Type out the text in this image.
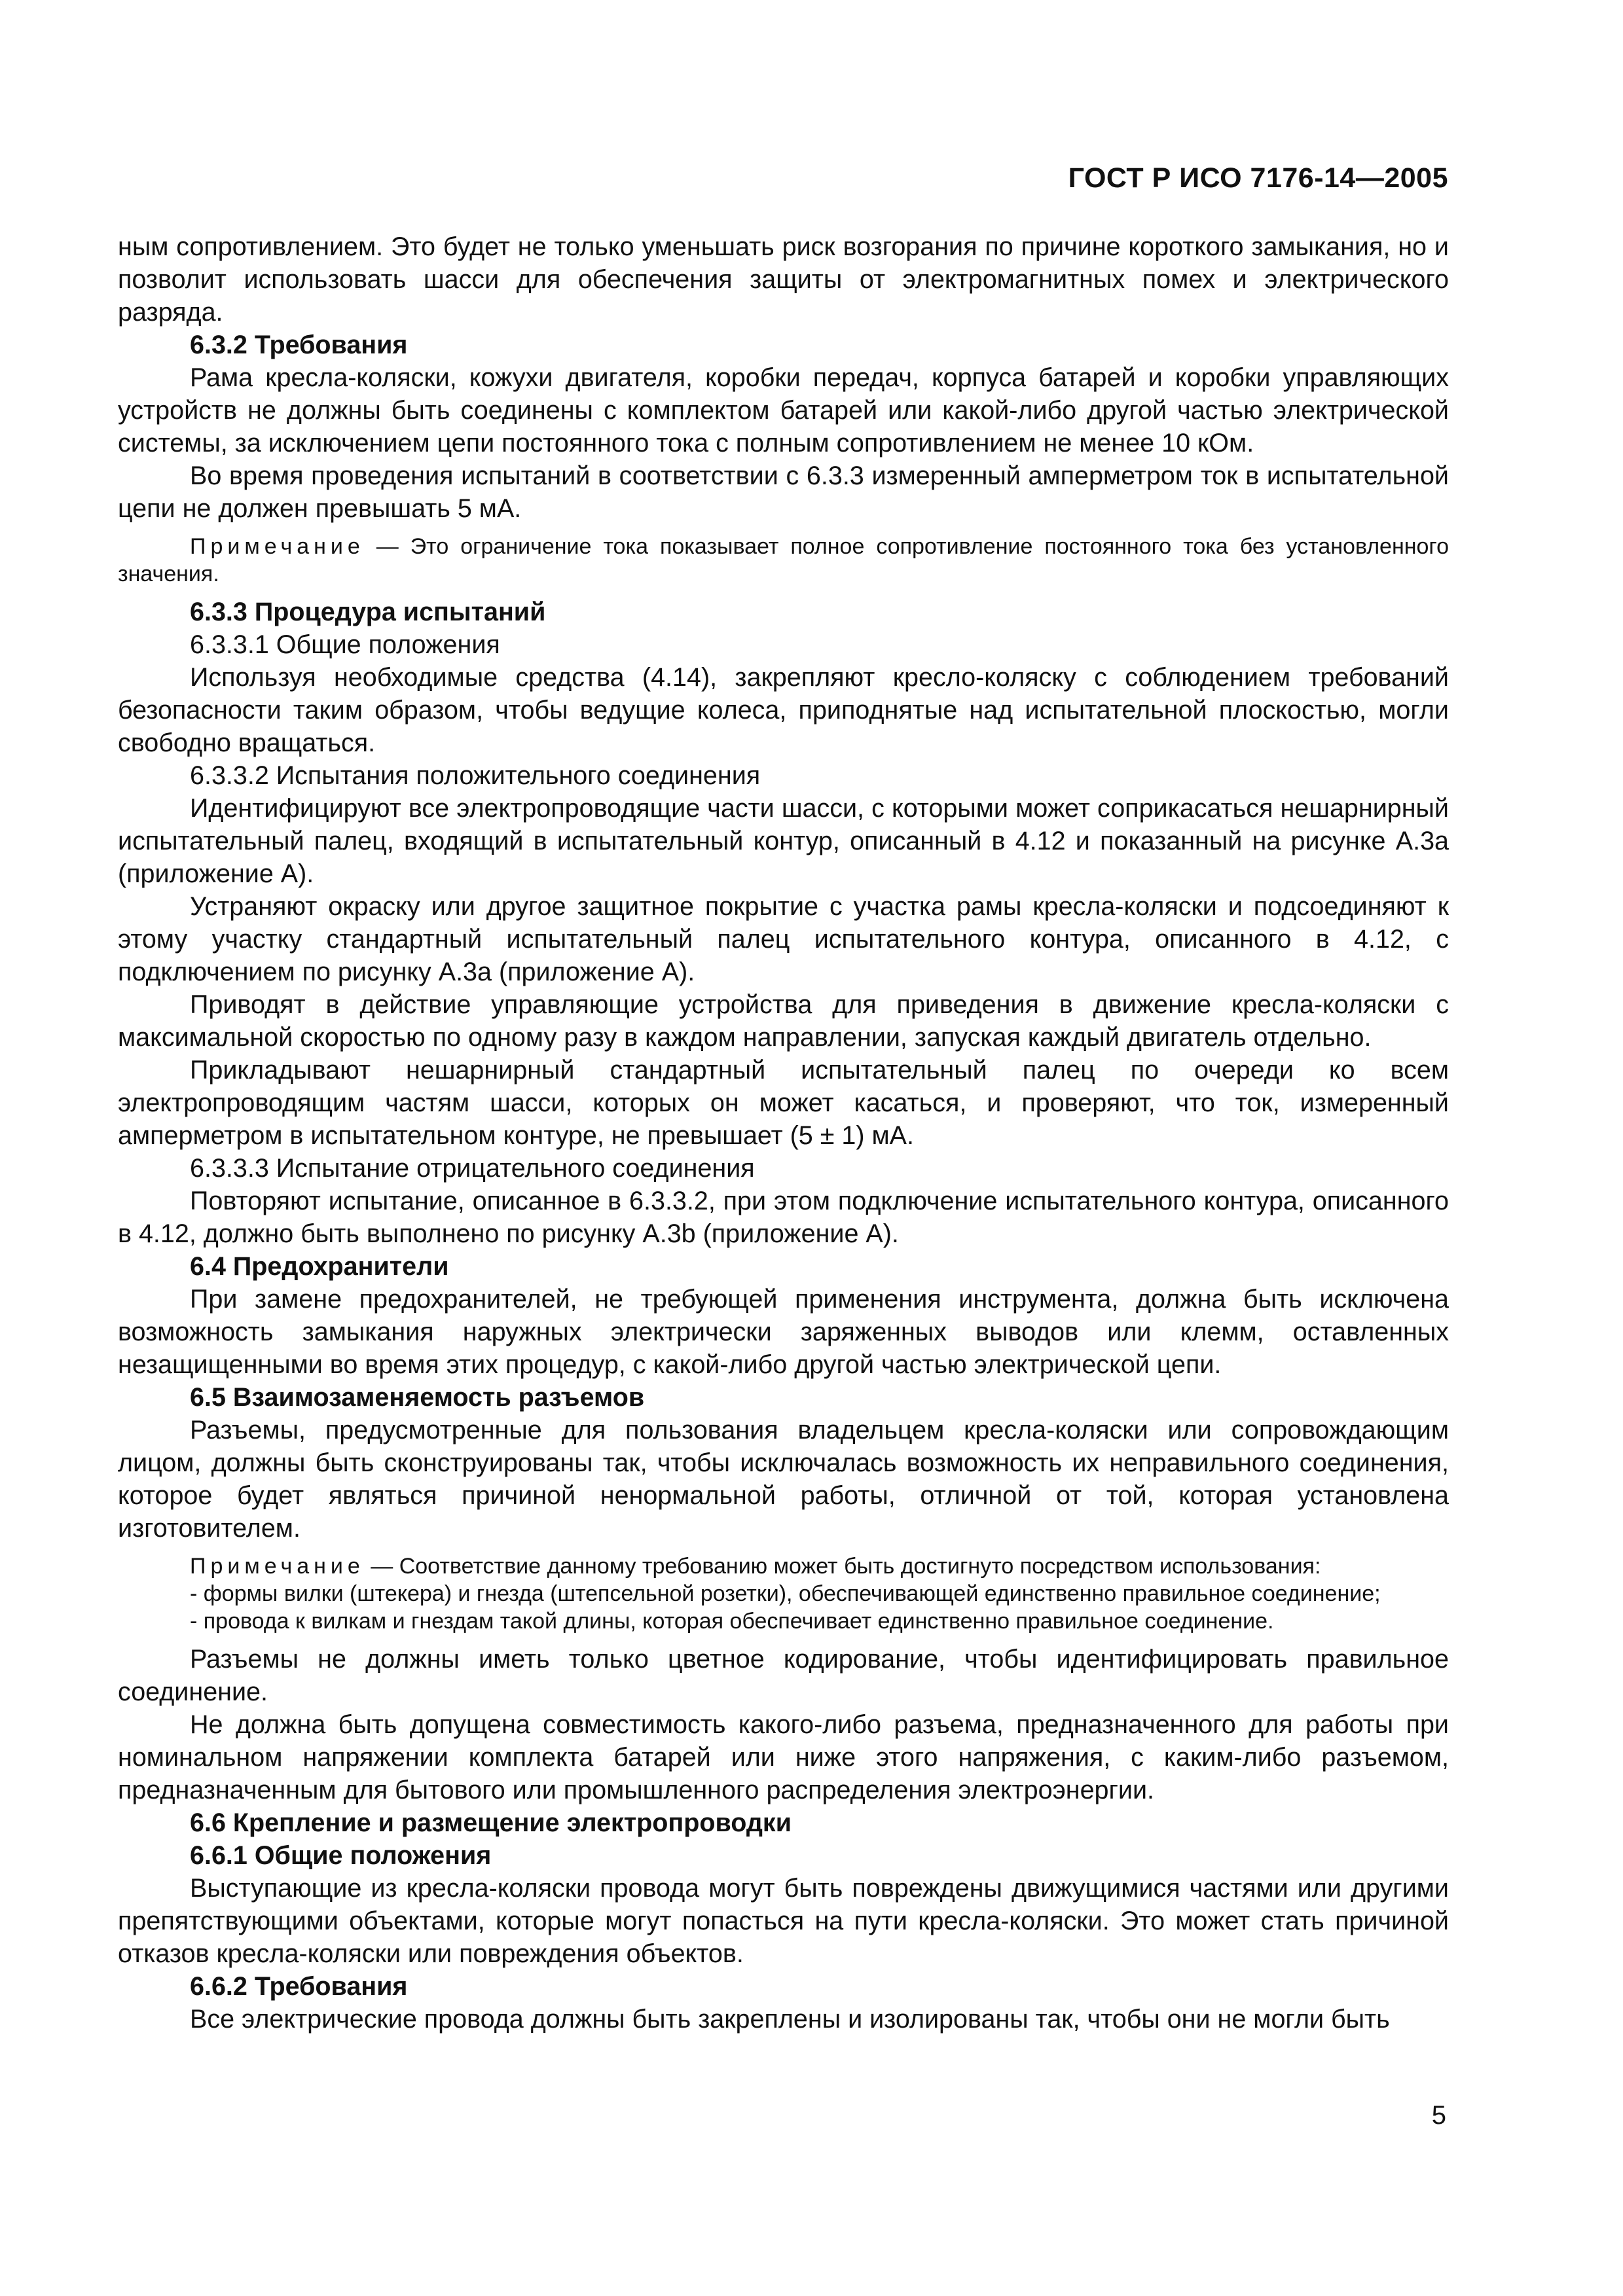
ГОСТ Р ИСО 7176-14—2005

ным сопротивлением. Это будет не только уменьшать риск возгорания по причине короткого замыкания, но и позволит использовать шасси для обеспечения защиты от электромагнитных помех и электрического разряда.

6.3.2 Требования

Рама кресла-коляски, кожухи двигателя, коробки передач, корпуса батарей и коробки управляющих устройств не должны быть соединены с комплектом батарей или какой-либо другой частью электрической системы, за исключением цепи постоянного тока с полным сопротивлением не менее 10 кОм.

Во время проведения испытаний в соответствии с 6.3.3 измеренный амперметром ток в испытательной цепи не должен превышать 5 мА.

Примечание — Это ограничение тока показывает полное сопротивление постоянного тока без установленного значения.

6.3.3 Процедура испытаний
6.3.3.1 Общие положения

Используя необходимые средства (4.14), закрепляют кресло-коляску с соблюдением требований безопасности таким образом, чтобы ведущие колеса, приподнятые над испытательной плоскостью, могли свободно вращаться.

6.3.3.2 Испытания положительного соединения

Идентифицируют все электропроводящие части шасси, с которыми может соприкасаться нешарнирный испытательный палец, входящий в испытательный контур, описанный в 4.12 и показанный на рисунке А.3а (приложение А).

Устраняют окраску или другое защитное покрытие с участка рамы кресла-коляски и подсоединяют к этому участку стандартный испытательный палец испытательного контура, описанного в 4.12, с подключением по рисунку А.3а (приложение А).

Приводят в действие управляющие устройства для приведения в движение кресла-коляски с максимальной скоростью по одному разу в каждом направлении, запуская каждый двигатель отдельно.

Прикладывают нешарнирный стандартный испытательный палец по очереди ко всем электропроводящим частям шасси, которых он может касаться, и проверяют, что ток, измеренный амперметром в испытательном контуре, не превышает (5 ± 1) мА.

6.3.3.3 Испытание отрицательного соединения

Повторяют испытание, описанное в 6.3.3.2, при этом подключение испытательного контура, описанного в 4.12, должно быть выполнено по рисунку А.3b (приложение А).

6.4 Предохранители

При замене предохранителей, не требующей применения инструмента, должна быть исключена возможность замыкания наружных электрически заряженных выводов или клемм, оставленных незащищенными во время этих процедур, с какой-либо другой частью электрической цепи.

6.5 Взаимозаменяемость разъемов

Разъемы, предусмотренные для пользования владельцем кресла-коляски или сопровождающим лицом, должны быть сконструированы так, чтобы исключалась возможность их неправильного соединения, которое будет являться причиной ненормальной работы, отличной от той, которая установлена изготовителем.

Примечание — Соответствие данному требованию может быть достигнуто посредством использования:

- формы вилки (штекера) и гнезда (штепсельной розетки), обеспечивающей единственно правильное соединение;

- провода к вилкам и гнездам такой длины, которая обеспечивает единственно правильное соединение.

Разъемы не должны иметь только цветное кодирование, чтобы идентифицировать правильное соединение.

Не должна быть допущена совместимость какого-либо разъема, предназначенного для работы при номинальном напряжении комплекта батарей или ниже этого напряжения, с каким-либо разъемом, предназначенным для бытового или промышленного распределения электроэнергии.

6.6 Крепление и размещение электропроводки
6.6.1 Общие положения

Выступающие из кресла-коляски провода могут быть повреждены движущимися частями или другими препятствующими объектами, которые могут попасться на пути кресла-коляски. Это может стать причиной отказов кресла-коляски или повреждения объектов.

6.6.2 Требования

Все электрические провода должны быть закреплены и изолированы так, чтобы они не могли быть

5
